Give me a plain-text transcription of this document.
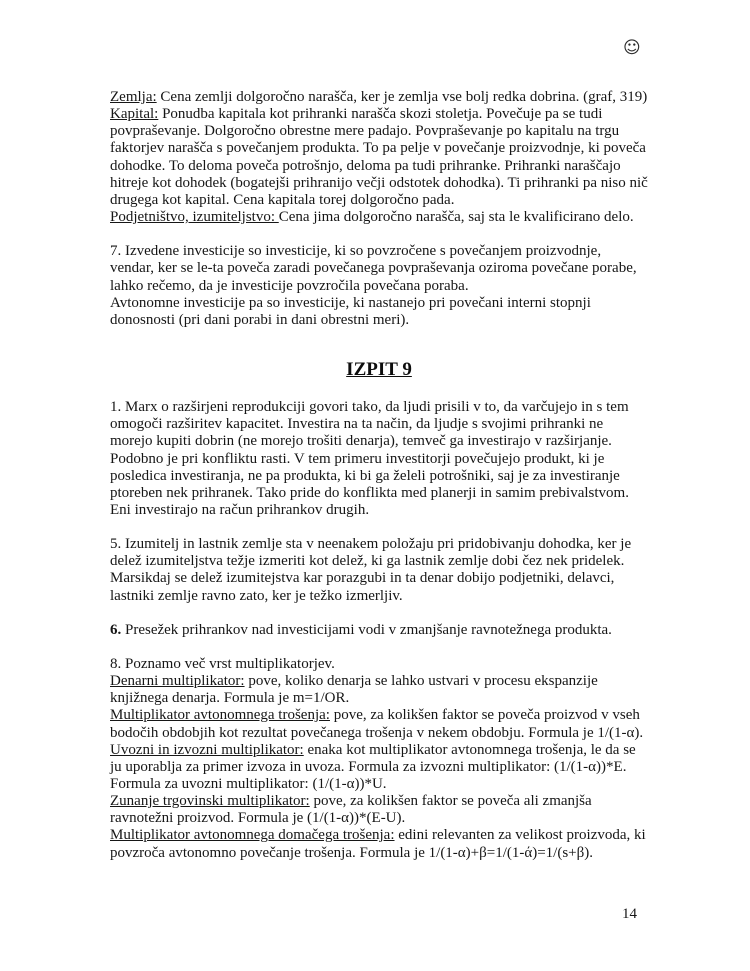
☺

Zemlja: Cena zemlji dolgoročno narašča, ker je zemlja vse bolj redka dobrina. (graf, 319)

Kapital: Ponudba kapitala kot prihranki narašča skozi stoletja. Povečuje pa se tudi povpraševanje. Dolgoročno obrestne mere padajo. Povpraševanje po kapitalu na trgu faktorjev narašča s povečanjem produkta. To pa pelje v povečanje proizvodnje, ki poveča dohodke. To deloma poveča potrošnjo, deloma pa tudi prihranke. Prihranki naraščajo hitreje kot dohodek (bogatejši prihranijo večji odstotek dohodka). Ti prihranki pa niso nič drugega kot kapital. Cena kapitala torej dolgoročno pada.

Podjetništvo, izumiteljstvo: Cena jima dolgoročno narašča, saj sta le kvalificirano delo.

7. Izvedene investicije so investicije, ki so povzročene s povečanjem proizvodnje, vendar, ker se le-ta poveča zaradi povečanega povpraševanja oziroma povečane porabe, lahko rečemo, da je investicije povzročila povečana poraba.

Avtonomne investicije pa so investicije, ki nastanejo pri povečani interni stopnji donosnosti (pri dani porabi in dani obrestni meri).

IZPIT 9

1. Marx o razširjeni reprodukciji govori tako, da ljudi prisili v to, da varčujejo in s tem omogoči razširitev kapacitet. Investira na ta način, da ljudje s svojimi prihranki ne morejo kupiti dobrin (ne morejo trošiti denarja), temveč ga investirajo v razširjanje. Podobno je pri konfliktu rasti. V tem primeru investitorji povečujejo produkt, ki je posledica investiranja, ne pa produkta, ki bi ga želeli potrošniki, saj je za investiranje ptoreben nek prihranek. Tako pride do konflikta med planerji in samim prebivalstvom. Eni investirajo na račun prihrankov drugih.

5. Izumitelj in lastnik zemlje sta v neenakem položaju pri pridobivanju dohodka, ker je delež izumiteljstva težje izmeriti kot delež, ki ga lastnik zemlje dobi čez nek pridelek. Marsikdaj se delež izumitejstva kar porazgubi in ta denar dobijo podjetniki, delavci, lastniki zemlje ravno zato, ker je težko izmerljiv.

6. Presežek prihrankov nad investicijami vodi v zmanjšanje ravnotežnega produkta.

8. Poznamo več vrst multiplikatorjev.

Denarni multiplikator: pove, koliko denarja se lahko ustvari v procesu ekspanzije knjižnega denarja. Formula je m=1/OR.

Multiplikator avtonomnega trošenja: pove, za kolikšen faktor se poveča proizvod v vseh bodočih obdobjih kot rezultat povečanega trošenja v nekem obdobju. Formula je 1/(1-α).

Uvozni in izvozni multiplikator: enaka kot multiplikator avtonomnega trošenja, le da se ju uporablja za primer izvoza in uvoza. Formula za izvozni multiplikator: (1/(1-α))*E. Formula za uvozni multiplikator: (1/(1-α))*U.

Zunanje trgovinski multiplikator: pove, za kolikšen faktor se poveča ali zmanjša ravnotežni proizvod. Formula je (1/(1-α))*(E-U).

Multiplikator avtonomnega domačega trošenja: edini relevanten za velikost proizvoda, ki povzroča avtonomno povečanje trošenja. Formula je 1/(1-α)+β=1/(1-ά)=1/(s+β).

14
